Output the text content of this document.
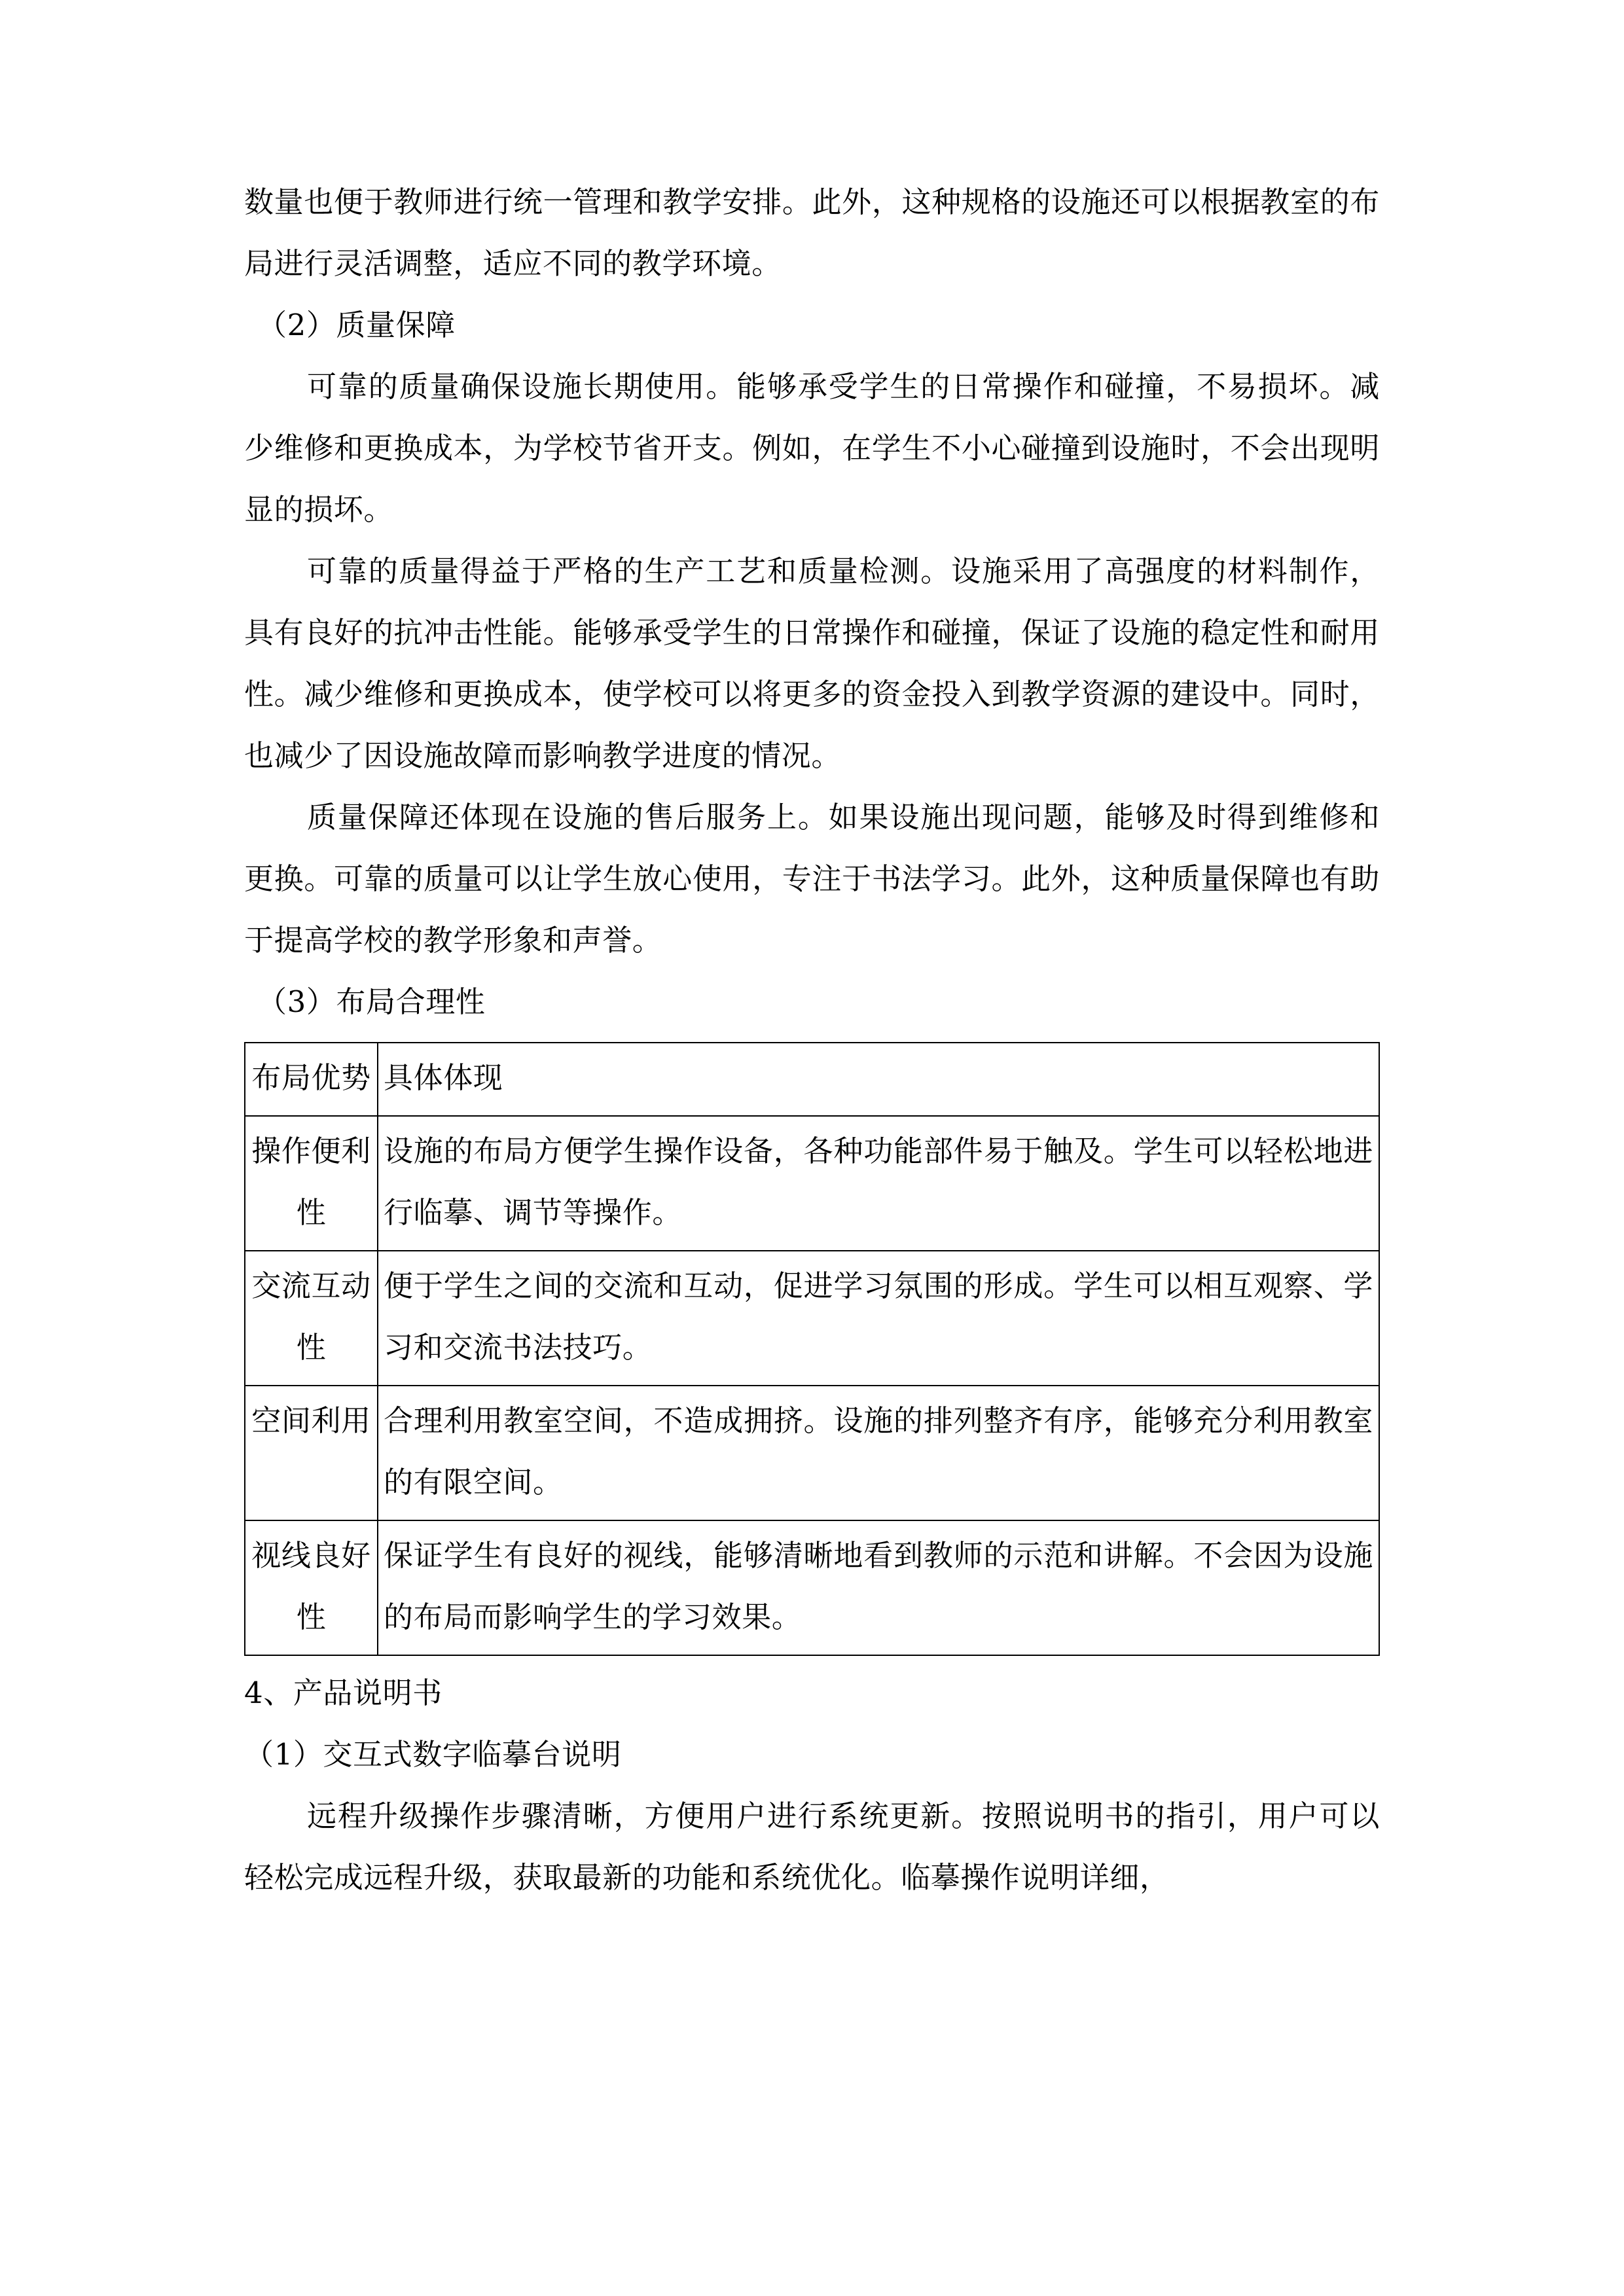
数量也便于教师进行统一管理和教学安排。此外，这种规格的设施还可以根据教室的布局进行灵活调整，适应不同的教学环境。

（2）质量保障

可靠的质量确保设施长期使用。能够承受学生的日常操作和碰撞，不易损坏。减少维修和更换成本，为学校节省开支。例如，在学生不小心碰撞到设施时，不会出现明显的损坏。

可靠的质量得益于严格的生产工艺和质量检测。设施采用了高强度的材料制作，具有良好的抗冲击性能。能够承受学生的日常操作和碰撞，保证了设施的稳定性和耐用性。减少维修和更换成本，使学校可以将更多的资金投入到教学资源的建设中。同时，也减少了因设施故障而影响教学进度的情况。

质量保障还体现在设施的售后服务上。如果设施出现问题，能够及时得到维修和更换。可靠的质量可以让学生放心使用，专注于书法学习。此外，这种质量保障也有助于提高学校的教学形象和声誉。

（3）布局合理性

布局优势	具体体现
操作便利性	设施的布局方便学生操作设备，各种功能部件易于触及。学生可以轻松地进行临摹、调节等操作。
交流互动性	便于学生之间的交流和互动，促进学习氛围的形成。学生可以相互观察、学习和交流书法技巧。
空间利用	合理利用教室空间，不造成拥挤。设施的排列整齐有序，能够充分利用教室的有限空间。
视线良好性	保证学生有良好的视线，能够清晰地看到教师的示范和讲解。不会因为设施的布局而影响学生的学习效果。

4、产品说明书

（1）交互式数字临摹台说明

远程升级操作步骤清晰，方便用户进行系统更新。按照说明书的指引，用户可以轻松完成远程升级，获取最新的功能和系统优化。临摹操作说明详细，
